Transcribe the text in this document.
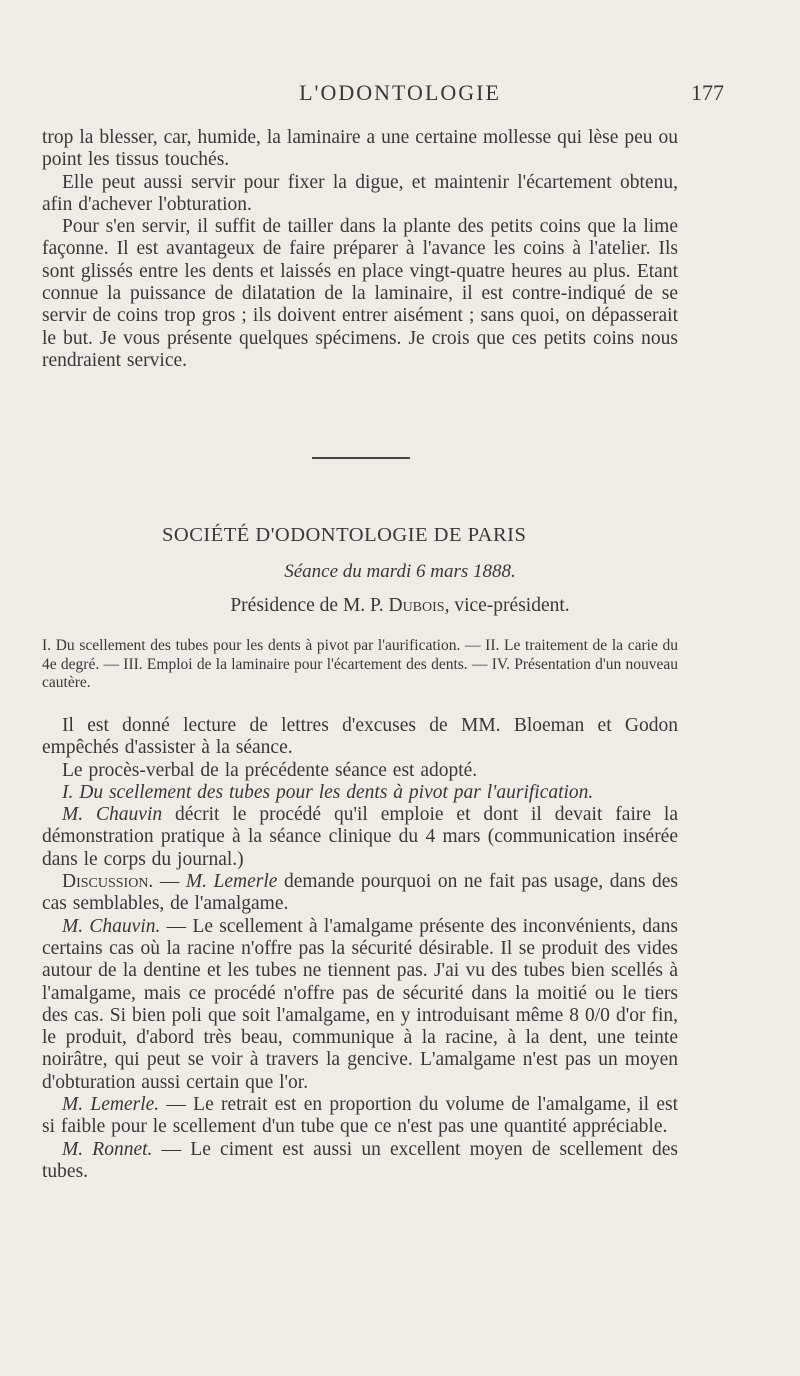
L'ODONTOLOGIE	177

trop la blesser, car, humide, la laminaire a une certaine mollesse qui lèse peu ou point les tissus touchés.

Elle peut aussi servir pour fixer la digue, et maintenir l'écartement obtenu, afin d'achever l'obturation.

Pour s'en servir, il suffit de tailler dans la plante des petits coins que la lime façonne. Il est avantageux de faire préparer à l'avance les coins à l'atelier. Ils sont glissés entre les dents et laissés en place vingt-quatre heures au plus. Etant connue la puissance de dilatation de la laminaire, il est contre-indiqué de se servir de coins trop gros ; ils doivent entrer aisément ; sans quoi, on dépasserait le but. Je vous présente quelques spécimens. Je crois que ces petits coins nous rendraient service.

SOCIÉTÉ D'ODONTOLOGIE DE PARIS
Séance du mardi 6 mars 1888.
Présidence de M. P. Dubois, vice-président.

I. Du scellement des tubes pour les dents à pivot par l'aurification. — II. Le traitement de la carie du 4e degré. — III. Emploi de la laminaire pour l'écartement des dents. — IV. Présentation d'un nouveau cautère.

Il est donné lecture de lettres d'excuses de MM. Bloeman et Godon empêchés d'assister à la séance.

Le procès-verbal de la précédente séance est adopté.

I. Du scellement des tubes pour les dents à pivot par l'aurification.

M. Chauvin décrit le procédé qu'il emploie et dont il devait faire la démonstration pratique à la séance clinique du 4 mars (communication insérée dans le corps du journal.)

Discussion. — M. Lemerle demande pourquoi on ne fait pas usage, dans des cas semblables, de l'amalgame.

M. Chauvin. — Le scellement à l'amalgame présente des inconvénients, dans certains cas où la racine n'offre pas la sécurité désirable. Il se produit des vides autour de la dentine et les tubes ne tiennent pas. J'ai vu des tubes bien scellés à l'amalgame, mais ce procédé n'offre pas de sécurité dans la moitié ou le tiers des cas. Si bien poli que soit l'amalgame, en y introduisant même 8 0/0 d'or fin, le produit, d'abord très beau, communique à la racine, à la dent, une teinte noirâtre, qui peut se voir à travers la gencive. L'amalgame n'est pas un moyen d'obturation aussi certain que l'or.

M. Lemerle. — Le retrait est en proportion du volume de l'amalgame, il est si faible pour le scellement d'un tube que ce n'est pas une quantité appréciable.

M. Ronnet. — Le ciment est aussi un excellent moyen de scellement des tubes.
